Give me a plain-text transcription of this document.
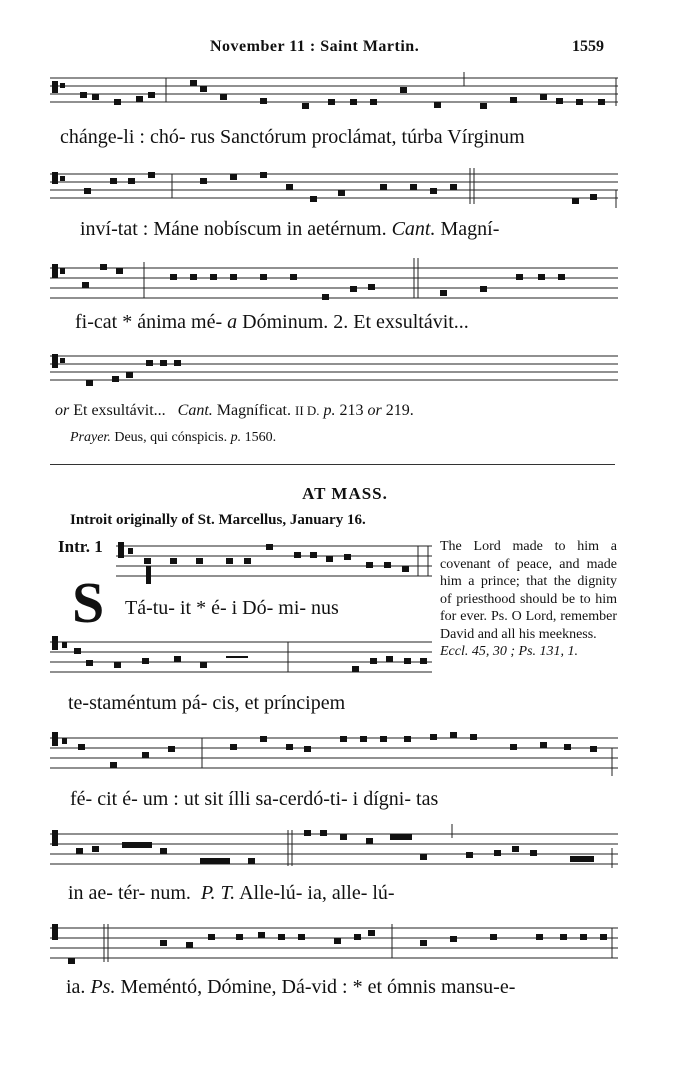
November 11 : Saint Martin.	1559
chánge-li : chó- rus Sanctórum proclámat, túrba Vírginum
inví-tat : Máne nobíscum in aetérnum. Cant. Magní-
fi-cat * ánima mé- a Dóminum. 2. Et exsultávit...
or Et exsultávit... Cant. Magníficat. II D. p. 213 or 219.
Prayer. Deus, qui cónspicis. p. 1560.
AT MASS.
Introit originally of St. Marcellus, January 16.
Intr. 1
S Tá-tu- it * é- i Dó- mi- nus
te-staméntum pá- cis, et príncipem
The Lord made to him a covenant of peace, and made him a prince; that the dignity of priesthood should be to him for ever. Ps. O Lord, remember David and all his meekness.
Eccl. 45, 30 ; Ps. 131, 1.
fé- cit é- um : ut sit ílli sa-cerdó-ti- i dígni- tas
in ae- tér- num. P. T. Alle-lú- ia, alle- lú-
ia. Ps. Meméntó, Dómine, Dá-vid : * et ómnis mansu-e-
